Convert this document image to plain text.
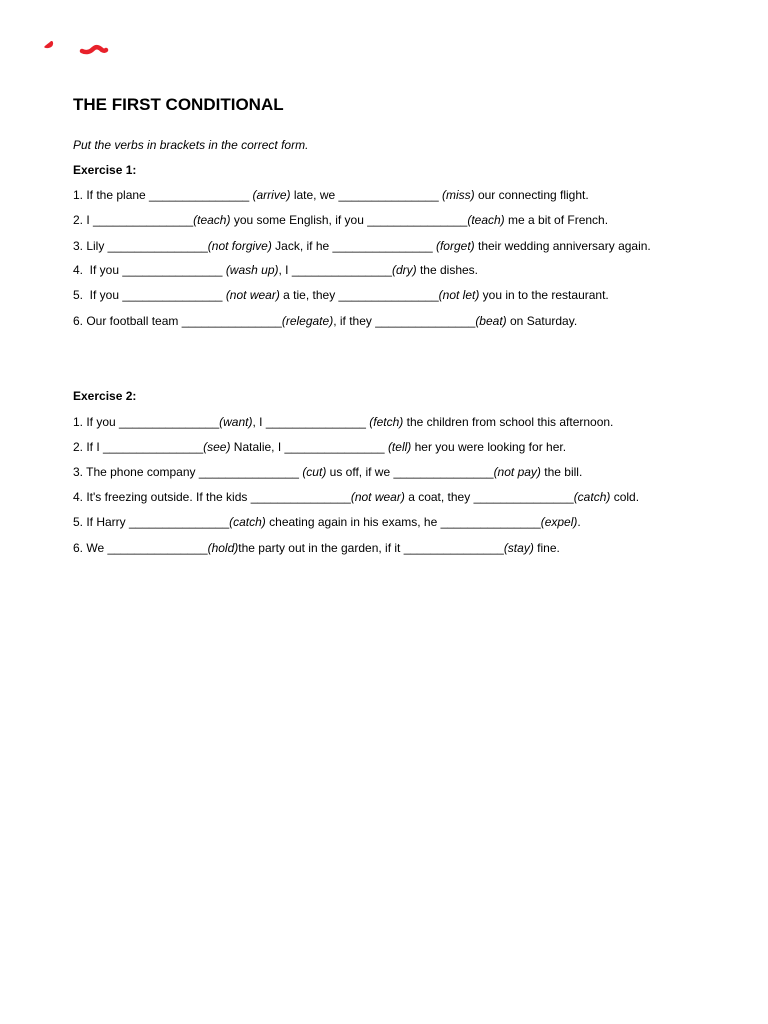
THE FIRST CONDITIONAL
Put the verbs in brackets in the correct form.
Exercise 1:
1. If the plane _______________ (arrive) late, we _______________ (miss) our connecting flight.
2. I _______________(teach) you some English, if you _______________(teach) me a bit of French.
3. Lily _______________(not forgive) Jack, if he _______________ (forget) their wedding anniversary again.
4.  If you _______________ (wash up), I _______________(dry) the dishes.
5.  If you _______________ (not wear) a tie, they _______________(not let) you in to the restaurant.
6. Our football team _______________(relegate), if they _______________(beat) on Saturday.
Exercise 2:
1. If you _______________(want), I _______________ (fetch) the children from school this afternoon.
2. If I _______________(see) Natalie, I _______________ (tell) her you were looking for her.
3. The phone company _______________ (cut) us off, if we _______________(not pay) the bill.
4. It's freezing outside. If the kids _______________(not wear) a coat, they _______________(catch) cold.
5. If Harry _______________(catch) cheating again in his exams, he _______________(expel).
6. We _______________(hold)the party out in the garden, if it _______________(stay) fine.
